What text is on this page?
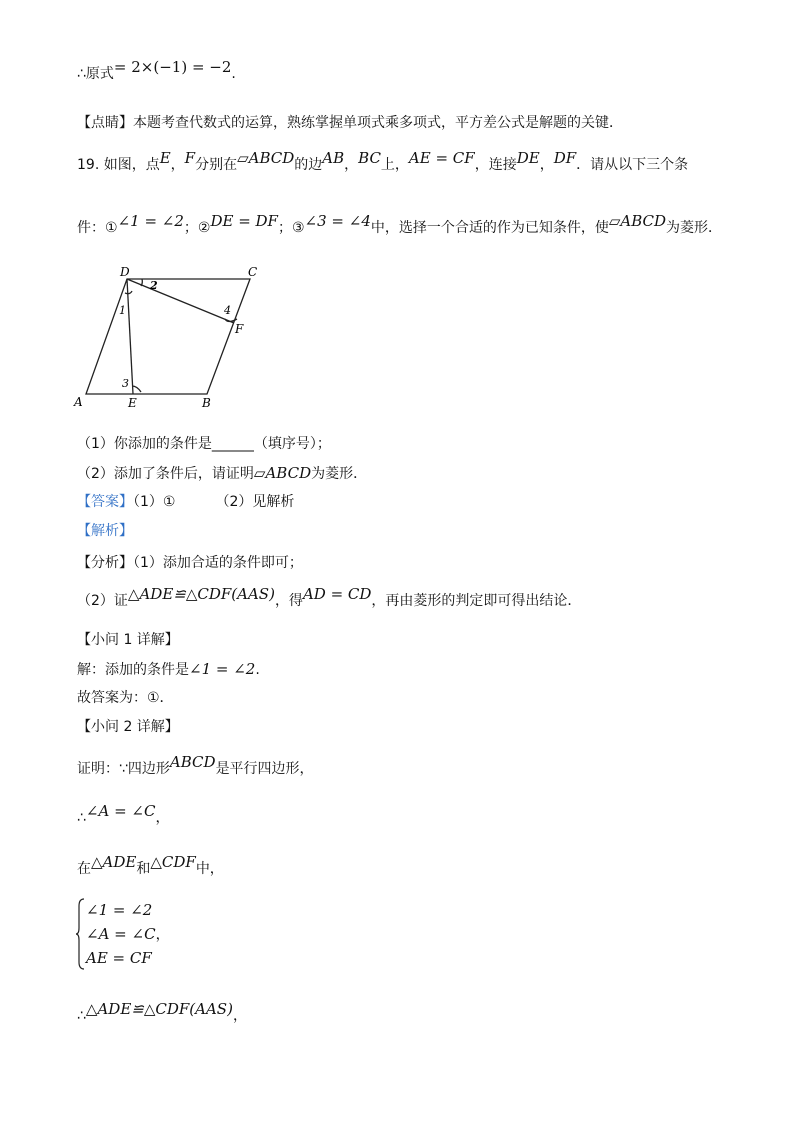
∴原式= 2×(−1) = −2.
【点睛】本题考查代数式的运算，熟练掌握单项式乘多项式，平方差公式是解题的关键．
19. 如图，点E，F分别在▱ABCD的边AB，BC上，AE = CF，连接DE，DF．请从以下三个条
件：①∠1 = ∠2；②DE = DF；③∠3 = ∠4中，选择一个合适的作为已知条件，使▱ABCD为菱形．
D	C
A	E	B
F
1
2
3
4
（1）你添加的条件是______（填序号）；
（2）添加了条件后，请证明▱ABCD为菱形．
【答案】（1）①	（2）见解析
【解析】
【分析】（1）添加合适的条件即可；
（2）证△ADE≌△CDF(AAS)，得AD = CD，再由菱形的判定即可得出结论．
【小问 1 详解】
解：添加的条件是∠1 = ∠2.
故答案为：①．
【小问 2 详解】
证明：∵四边形ABCD是平行四边形，
∴∠A = ∠C，
在△ADE和△CDF中，
∠1 = ∠2
∠A = ∠C，
AE = CF
∴△ADE≌△CDF(AAS)，
